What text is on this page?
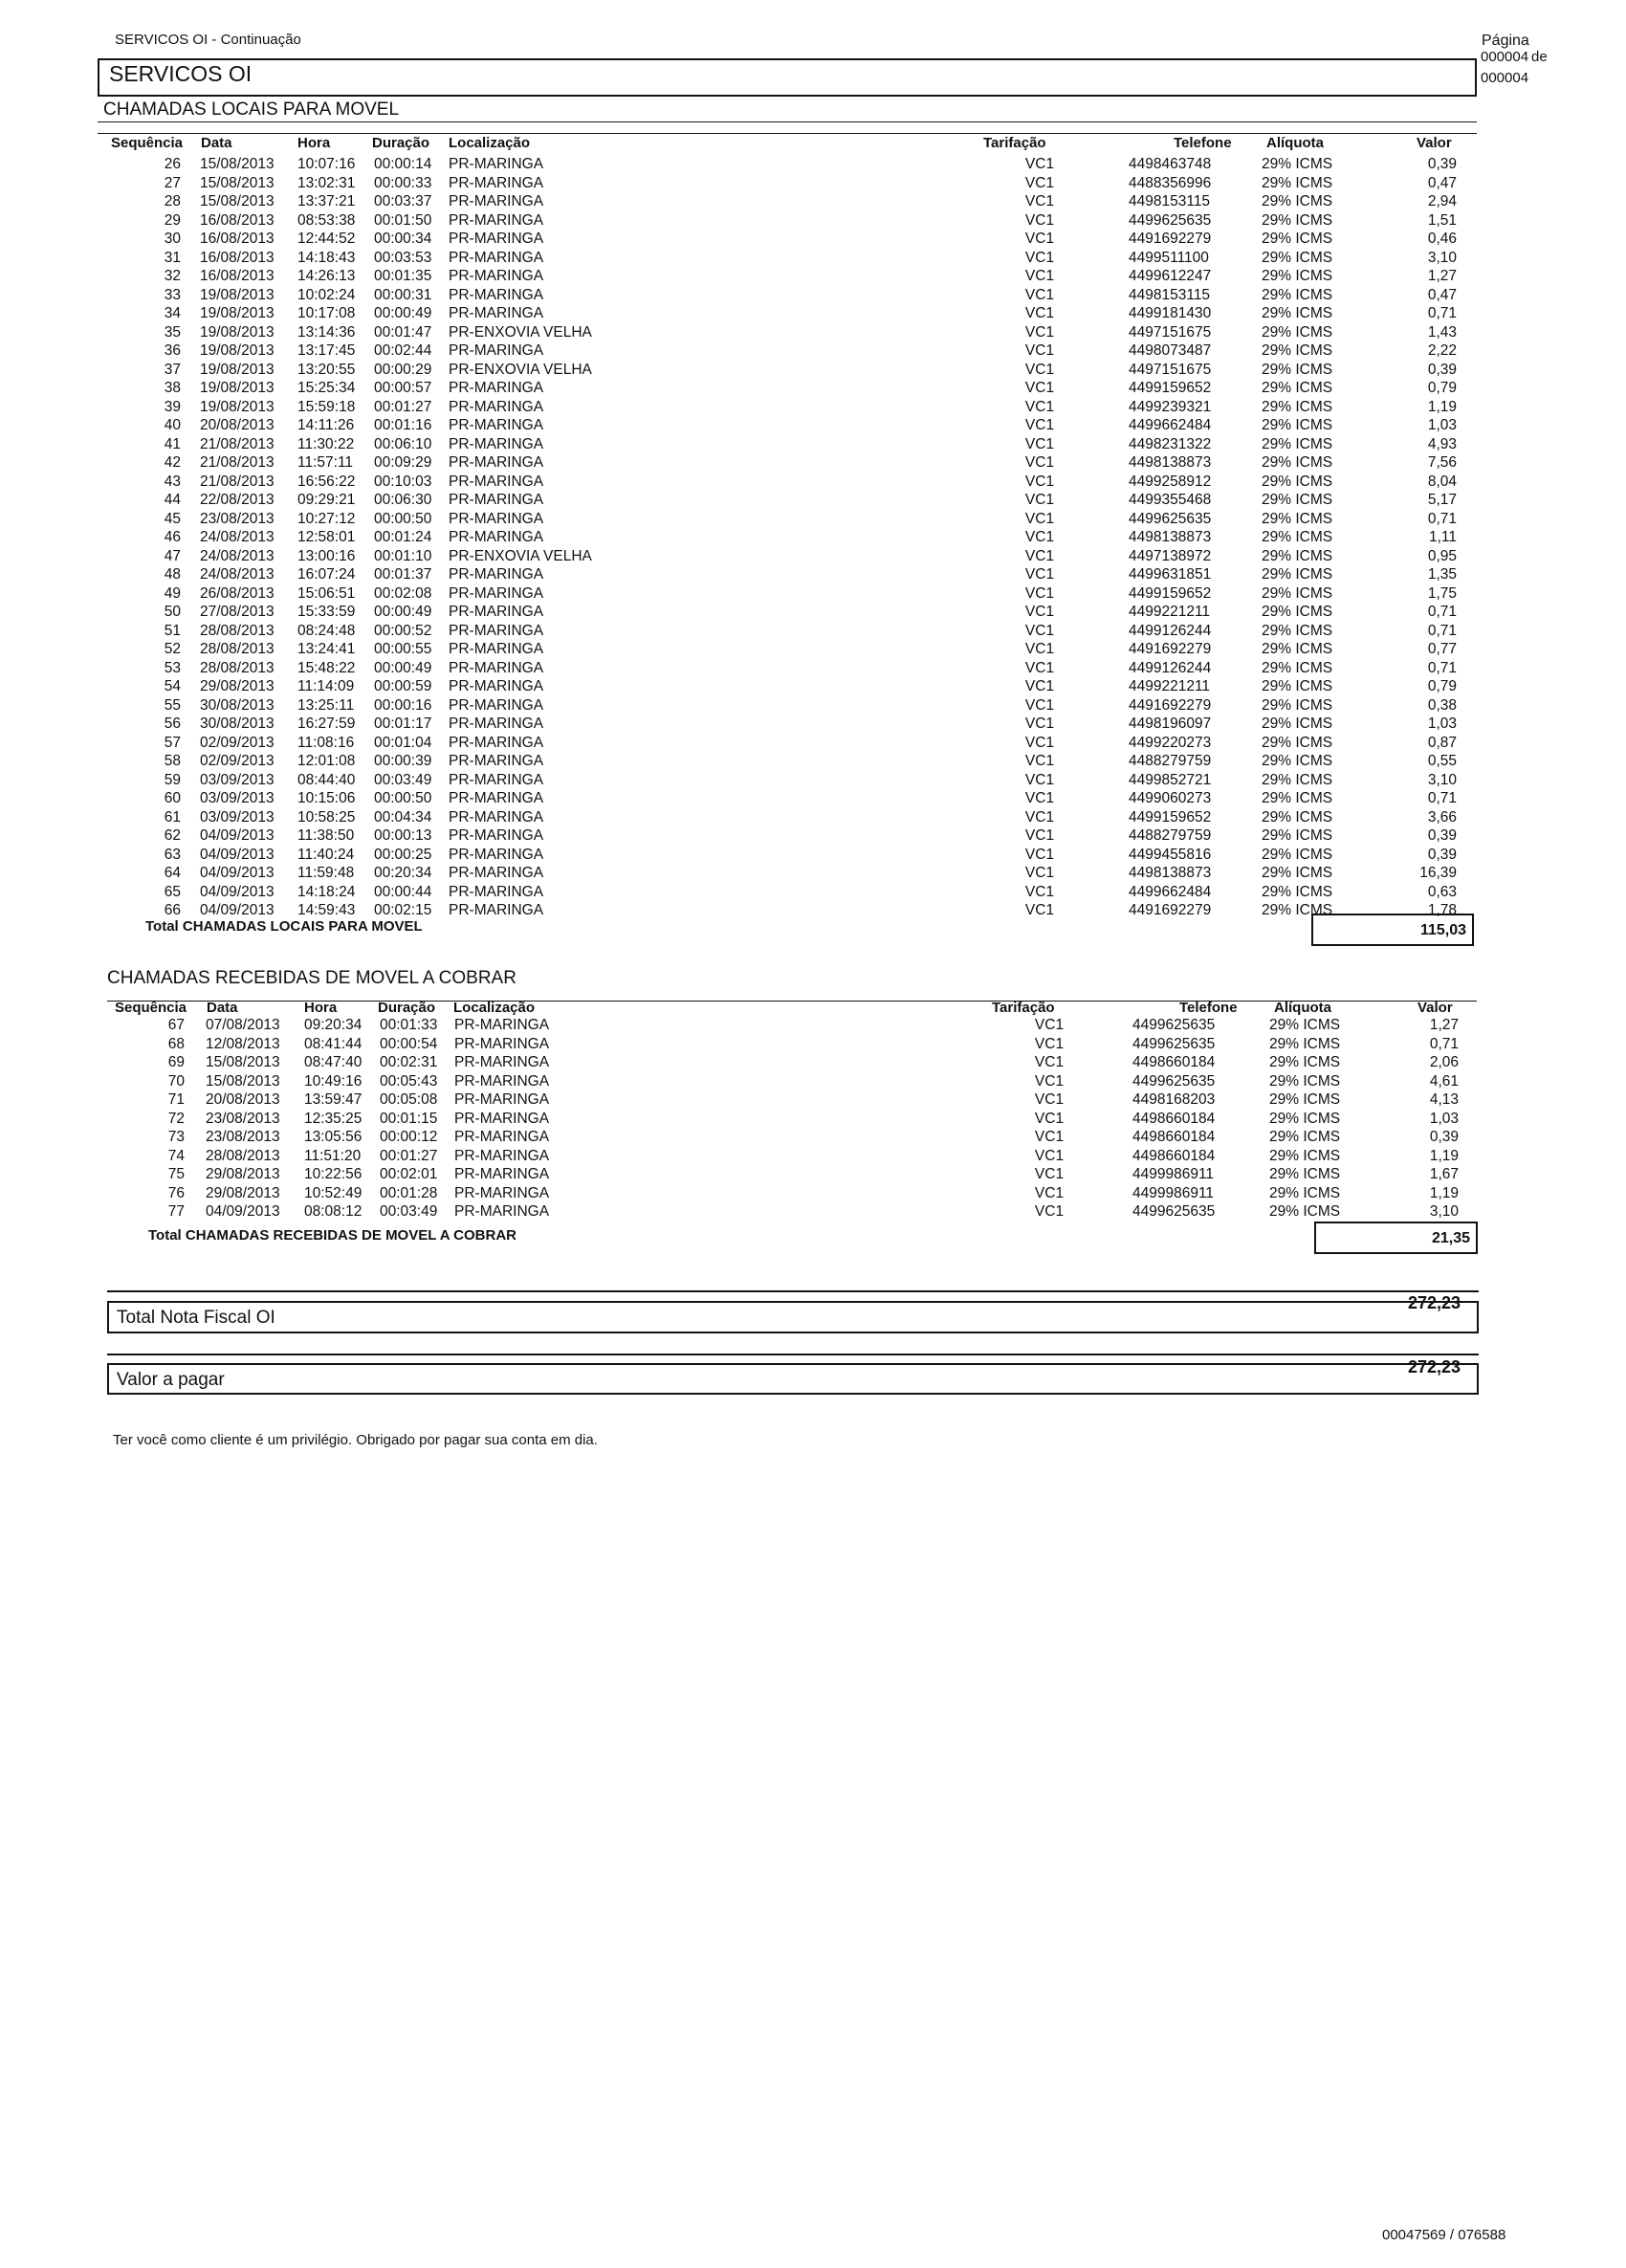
SERVICOS OI - Continuação	Página
000004 de
000004
SERVICOS OI
CHAMADAS LOCAIS PARA MOVEL
Sequência Data	Hora	Duração Localização	Tarifação	Telefone Alíquota	Valor
26 15/08/2013 10:07:16 00:00:14 PR-MARINGA	VC1	4498463748	29% ICMS	0,39
27 15/08/2013 13:02:31 00:00:33 PR-MARINGA	VC1	4488356996	29% ICMS	0,47
28 15/08/2013 13:37:21 00:03:37 PR-MARINGA	VC1	4498153115	29% ICMS	2,94
29 16/08/2013 08:53:38 00:01:50 PR-MARINGA	VC1	4499625635	29% ICMS	1,51
30 16/08/2013 12:44:52 00:00:34 PR-MARINGA	VC1	4491692279	29% ICMS	0,46
31 16/08/2013 14:18:43 00:03:53 PR-MARINGA	VC1	4499511100	29% ICMS	3,10
32 16/08/2013 14:26:13 00:01:35 PR-MARINGA	VC1	4499612247	29% ICMS	1,27
33 19/08/2013 10:02:24 00:00:31 PR-MARINGA	VC1	4498153115	29% ICMS	0,47
34 19/08/2013 10:17:08 00:00:49 PR-MARINGA	VC1	4499181430	29% ICMS	0,71
35 19/08/2013 13:14:36 00:01:47 PR-ENXOVIA VELHA	VC1	4497151675	29% ICMS	1,43
36 19/08/2013 13:17:45 00:02:44 PR-MARINGA	VC1	4498073487	29% ICMS	2,22
37 19/08/2013 13:20:55 00:00:29 PR-ENXOVIA VELHA	VC1	4497151675	29% ICMS	0,39
38 19/08/2013 15:25:34 00:00:57 PR-MARINGA	VC1	4499159652	29% ICMS	0,79
39 19/08/2013 15:59:18 00:01:27 PR-MARINGA	VC1	4499239321	29% ICMS	1,19
40 20/08/2013 14:11:26 00:01:16 PR-MARINGA	VC1	4499662484	29% ICMS	1,03
41 21/08/2013 11:30:22 00:06:10 PR-MARINGA	VC1	4498231322	29% ICMS	4,93
42 21/08/2013 11:57:11 00:09:29 PR-MARINGA	VC1	4498138873	29% ICMS	7,56
43 21/08/2013 16:56:22 00:10:03 PR-MARINGA	VC1	4499258912	29% ICMS	8,04
44 22/08/2013 09:29:21 00:06:30 PR-MARINGA	VC1	4499355468	29% ICMS	5,17
45 23/08/2013 10:27:12 00:00:50 PR-MARINGA	VC1	4499625635	29% ICMS	0,71
46 24/08/2013 12:58:01 00:01:24 PR-MARINGA	VC1	4498138873	29% ICMS	1,11
47 24/08/2013 13:00:16 00:01:10 PR-ENXOVIA VELHA	VC1	4497138972	29% ICMS	0,95
48 24/08/2013 16:07:24 00:01:37 PR-MARINGA	VC1	4499631851	29% ICMS	1,35
49 26/08/2013 15:06:51 00:02:08 PR-MARINGA	VC1	4499159652	29% ICMS	1,75
50 27/08/2013 15:33:59 00:00:49 PR-MARINGA	VC1	4499221211	29% ICMS	0,71
51 28/08/2013 08:24:48 00:00:52 PR-MARINGA	VC1	4499126244	29% ICMS	0,71
52 28/08/2013 13:24:41 00:00:55 PR-MARINGA	VC1	4491692279	29% ICMS	0,77
53 28/08/2013 15:48:22 00:00:49 PR-MARINGA	VC1	4499126244	29% ICMS	0,71
54 29/08/2013 11:14:09 00:00:59 PR-MARINGA	VC1	4499221211	29% ICMS	0,79
55 30/08/2013 13:25:11 00:00:16 PR-MARINGA	VC1	4491692279	29% ICMS	0,38
56 30/08/2013 16:27:59 00:01:17 PR-MARINGA	VC1	4498196097	29% ICMS	1,03
57 02/09/2013 11:08:16 00:01:04 PR-MARINGA	VC1	4499220273	29% ICMS	0,87
58 02/09/2013 12:01:08 00:00:39 PR-MARINGA	VC1	4488279759	29% ICMS	0,55
59 03/09/2013 08:44:40 00:03:49 PR-MARINGA	VC1	4499852721	29% ICMS	3,10
60 03/09/2013 10:15:06 00:00:50 PR-MARINGA	VC1	4499060273	29% ICMS	0,71
61 03/09/2013 10:58:25 00:04:34 PR-MARINGA	VC1	4499159652	29% ICMS	3,66
62 04/09/2013 11:38:50 00:00:13 PR-MARINGA	VC1	4488279759	29% ICMS	0,39
63 04/09/2013 11:40:24 00:00:25 PR-MARINGA	VC1	4499455816	29% ICMS	0,39
64 04/09/2013 11:59:48 00:20:34 PR-MARINGA	VC1	4498138873	29% ICMS	16,39
65 04/09/2013 14:18:24 00:00:44 PR-MARINGA	VC1	4499662484	29% ICMS	0,63
66 04/09/2013 14:59:43 00:02:15 PR-MARINGA	VC1	4491692279	29% ICMS	1,78
Total CHAMADAS LOCAIS PARA MOVEL	115,03
CHAMADAS RECEBIDAS DE MOVEL A COBRAR
Sequência Data	Hora	Duração Localização	Tarifação	Telefone	Alíquota	Valor
67 07/08/2013 09:20:34 00:01:33 PR-MARINGA	VC1	4499625635	29% ICMS	1,27
68 12/08/2013 08:41:44 00:00:54 PR-MARINGA	VC1	4499625635	29% ICMS	0,71
69 15/08/2013 08:47:40 00:02:31 PR-MARINGA	VC1	4498660184	29% ICMS	2,06
70 15/08/2013 10:49:16 00:05:43 PR-MARINGA	VC1	4499625635	29% ICMS	4,61
71 20/08/2013 13:59:47 00:05:08 PR-MARINGA	VC1	4498168203	29% ICMS	4,13
72 23/08/2013 12:35:25 00:01:15 PR-MARINGA	VC1	4498660184	29% ICMS	1,03
73 23/08/2013 13:05:56 00:00:12 PR-MARINGA	VC1	4498660184	29% ICMS	0,39
74 28/08/2013 11:51:20 00:01:27 PR-MARINGA	VC1	4498660184	29% ICMS	1,19
75 29/08/2013 10:22:56 00:02:01 PR-MARINGA	VC1	4499986911	29% ICMS	1,67
76 29/08/2013 10:52:49 00:01:28 PR-MARINGA	VC1	4499986911	29% ICMS	1,19
77 04/09/2013 08:08:12 00:03:49 PR-MARINGA	VC1	4499625635	29% ICMS	3,10
Total CHAMADAS RECEBIDAS DE MOVEL A COBRAR	21,35
Total Nota Fiscal OI
272,23
Valor a pagar
272,23
Ter você como cliente é um privilégio. Obrigado por pagar sua conta em dia.
00047569 / 076588
